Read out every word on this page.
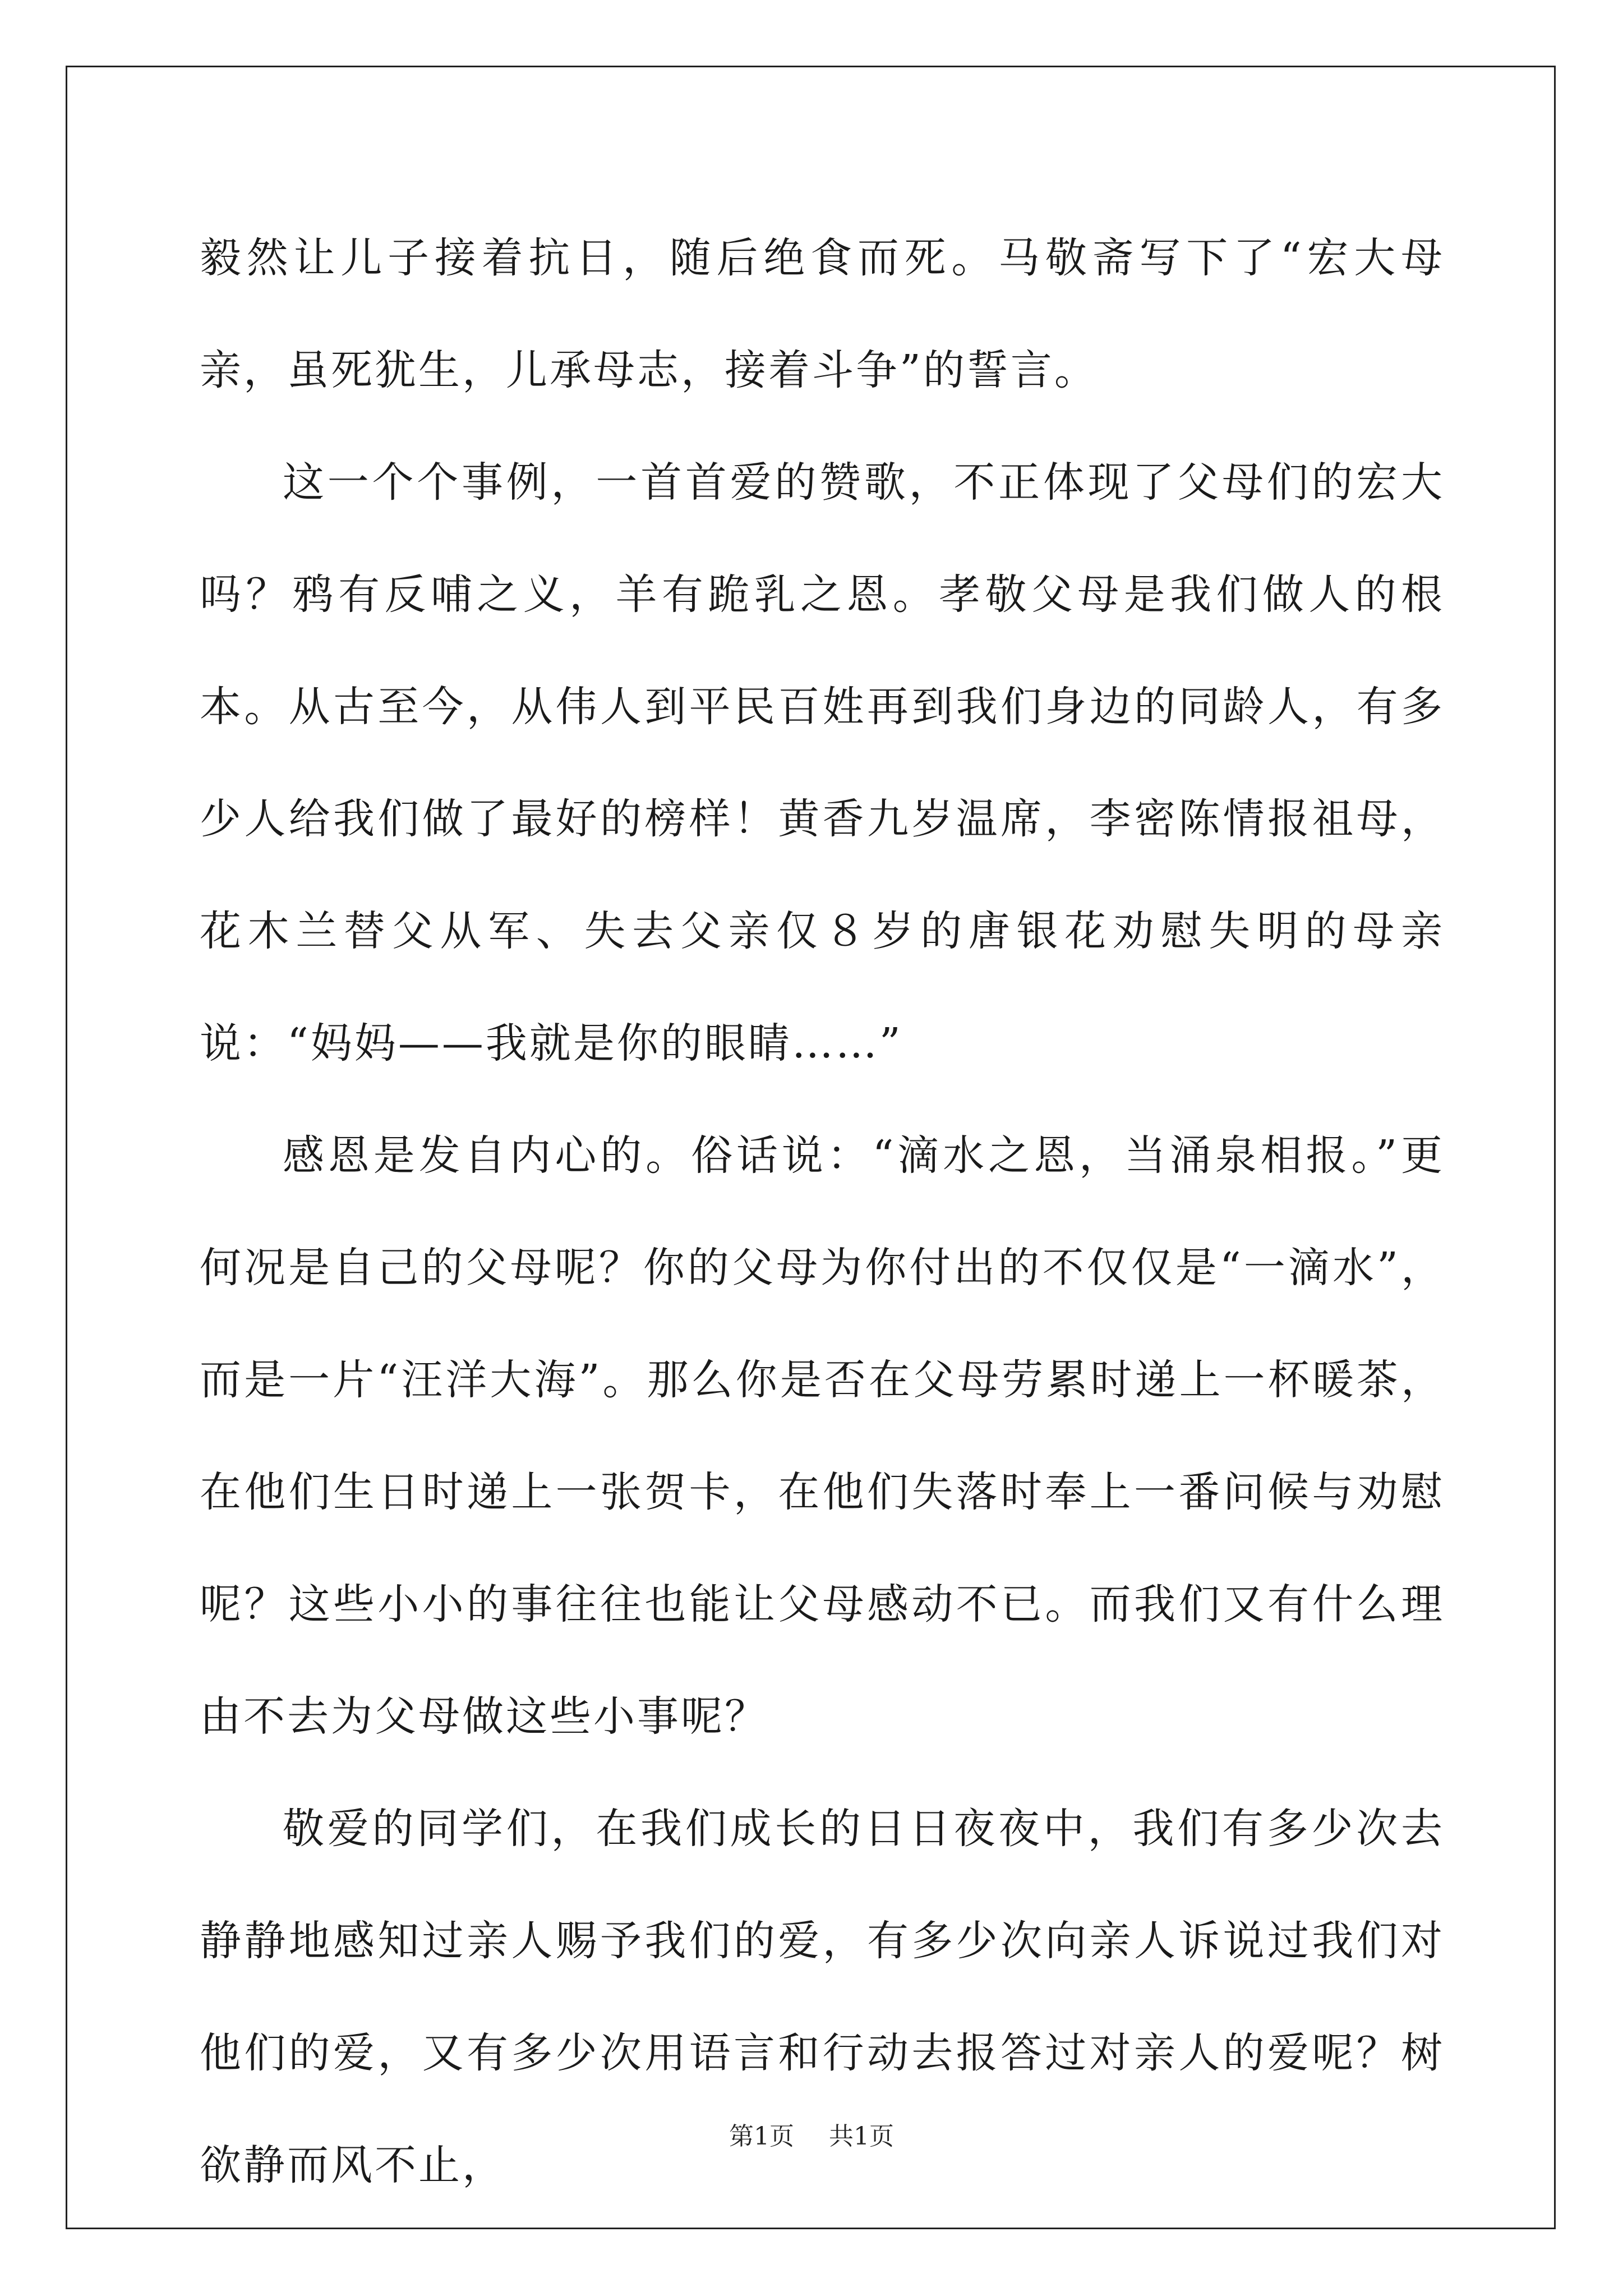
毅然让儿子接着抗日，随后绝食而死。马敬斋写下了“宏大母亲，虽死犹生，儿承母志，接着斗争”的誓言。

这一个个事例，一首首爱的赞歌，不正体现了父母们的宏大吗？鸦有反哺之义，羊有跪乳之恩。孝敬父母是我们做人的根本。从古至今，从伟人到平民百姓再到我们身边的同龄人，有多少人给我们做了最好的榜样！黄香九岁温席，李密陈情报祖母，花木兰替父从军、失去父亲仅８岁的唐银花劝慰失明的母亲说：“妈妈——我就是你的眼睛……”

感恩是发自内心的。俗话说：“滴水之恩，当涌泉相报。”更何况是自己的父母呢？你的父母为你付出的不仅仅是“一滴水”，而是一片“汪洋大海”。那么你是否在父母劳累时递上一杯暖茶，在他们生日时递上一张贺卡，在他们失落时奉上一番问候与劝慰呢？这些小小的事往往也能让父母感动不已。而我们又有什么理由不去为父母做这些小事呢？

敬爱的同学们，在我们成长的日日夜夜中，我们有多少次去静静地感知过亲人赐予我们的爱，有多少次向亲人诉说过我们对他们的爱，又有多少次用语言和行动去报答过对亲人的爱呢？树欲静而风不止，

第1页 共1页
